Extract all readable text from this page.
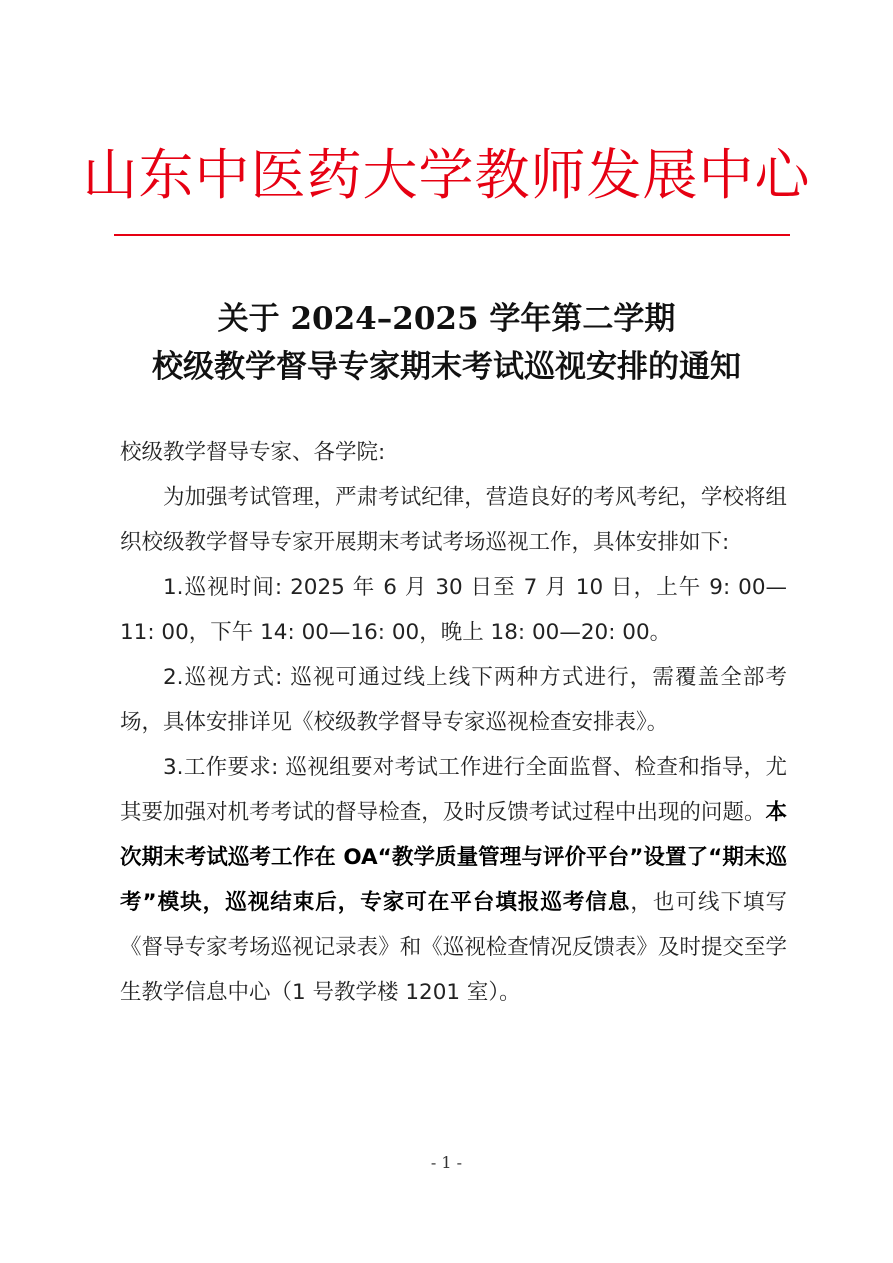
山东中医药大学教师发展中心
关于 2024–2025 学年第二学期
校级教学督导专家期末考试巡视安排的通知

校级教学督导专家、各学院:

为加强考试管理，严肃考试纪律，营造良好的考风考纪，学校将组织校级教学督导专家开展期末考试考场巡视工作，具体安排如下:

1.巡视时间: 2025 年 6 月 30 日至 7 月 10 日，上午 9: 00—11: 00，下午 14: 00—16: 00，晚上 18: 00—20: 00。

2.巡视方式: 巡视可通过线上线下两种方式进行，需覆盖全部考场，具体安排详见《校级教学督导专家巡视检查安排表》。

3.工作要求: 巡视组要对考试工作进行全面监督、检查和指导，尤其要加强对机考考试的督导检查，及时反馈考试过程中出现的问题。本次期末考试巡考工作在 OA“教学质量管理与评价平台”设置了“期末巡考”模块，巡视结束后，专家可在平台填报巡考信息，也可线下填写《督导专家考场巡视记录表》和《巡视检查情况反馈表》及时提交至学生教学信息中心（1 号教学楼 1201 室）。

- 1 -
